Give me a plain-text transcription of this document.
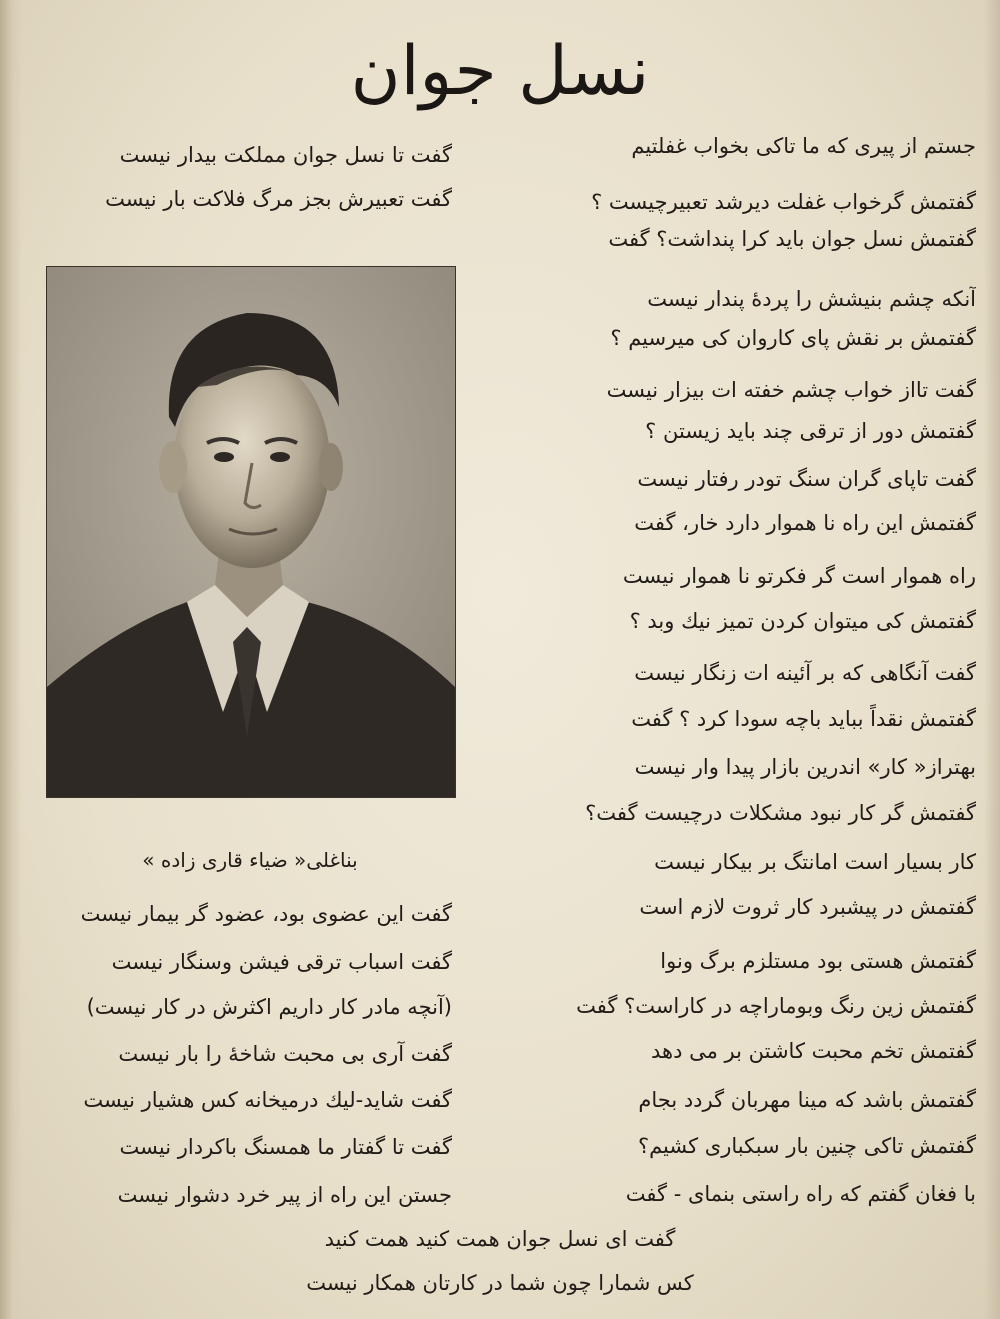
نسل جوان
جستم از پیری که ما تاکی بخواب غفلتیم
گفتمش گرخواب غفلت دیرشد تعبیرچیست ؟
گفتمش نسل جوان باید کرا پنداشت؟ گفت
آنکه چشم بنیشش را پردهٔ پندار نیست
گفتمش بر نقش پای کاروان کی میرسیم ؟
گفت تااز خواب چشم خفته ات بیزار نیست
گفتمش دور از ترقی چند باید زیستن ؟
گفت تاپای گران سنگ تودر رفتار نیست
گفتمش این راه نا هموار دارد خار، گفت
راه هموار است گر فکرتو نا هموار نیست
گفتمش کی میتوان کردن تمیز نیك وبد ؟
گفت آنگاهی که بر آئینه ات زنگار نیست
گفتمش نقداً بباید باچه سودا کرد ؟ گفت
بهتراز« کار» اندرین بازار پیدا وار نیست
گفتمش گر کار نبود مشکلات درچیست گفت؟
کار بسیار است امانتگ بر بیکار نیست
گفتمش در پیشبرد کار ثروت لازم است
گفتمش هستی بود مستلزم برگ ونوا
گفتمش زین رنگ وبوماراچه در کاراست؟ گفت
گفتمش تخم محبت کاشتن بر می دهد
گفتمش باشد که مینا مهربان گردد بجام
گفتمش تاکی چنین بار سبکباری کشیم؟
با فغان گفتم که راه راستی بنمای - گفت
گفت تا نسل جوان مملکت بیدار نیست
گفت تعبیرش بجز مرگ فلاکت بار نیست
بناغلی« ضیاء قاری زاده »
گفت این عضوی بود، عضود گر بیمار نیست
گفت اسباب ترقی فیشن وسنگار نیست
(آنچه مادر کار داریم اکثرش در کار نیست)
گفت آری بی محبت شاخهٔ را بار نیست
گفت شاید-لیك درمیخانه کس هشیار نیست
گفت تا گفتار ما همسنگ باکردار نیست
جستن این راه از پیر خرد دشوار نیست
گفت ای نسل جوان همت کنید همت کنید
کس شمارا چون شما در کارتان همکار نیست
